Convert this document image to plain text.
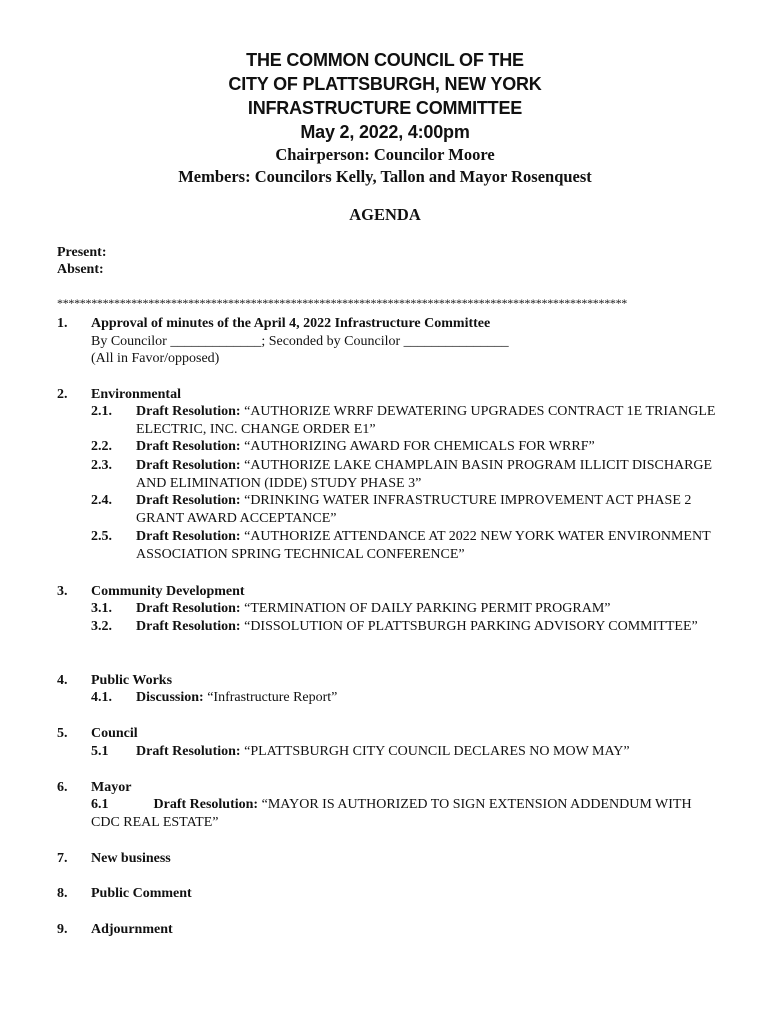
THE COMMON COUNCIL OF THE
CITY OF PLATTSBURGH, NEW YORK
INFRASTRUCTURE COMMITTEE
May 2, 2022, 4:00pm
Chairperson: Councilor Moore
Members: Councilors Kelly, Tallon and Mayor Rosenquest
AGENDA
Present:
Absent:
****************************************************************************************************
1. Approval of minutes of the April 4, 2022 Infrastructure Committee
By Councilor _____________; Seconded by Councilor _______________
(All in Favor/opposed)
2. Environmental
2.1. Draft Resolution: “AUTHORIZE WRRF DEWATERING UPGRADES CONTRACT 1E TRIANGLE ELECTRIC, INC. CHANGE ORDER E1”
2.2. Draft Resolution: “AUTHORIZING AWARD FOR CHEMICALS FOR WRRF”
2.3. Draft Resolution: “AUTHORIZE LAKE CHAMPLAIN BASIN PROGRAM ILLICIT DISCHARGE AND ELIMINATION (IDDE) STUDY PHASE 3”
2.4. Draft Resolution: “DRINKING WATER INFRASTRUCTURE IMPROVEMENT ACT PHASE 2 GRANT AWARD ACCEPTANCE”
2.5. Draft Resolution: “AUTHORIZE ATTENDANCE AT 2022 NEW YORK WATER ENVIRONMENT ASSOCIATION SPRING TECHNICAL CONFERENCE”
3. Community Development
3.1. Draft Resolution: “TERMINATION OF DAILY PARKING PERMIT PROGRAM”
3.2. Draft Resolution: “DISSOLUTION OF PLATTSBURGH PARKING ADVISORY COMMITTEE”
4. Public Works
4.1. Discussion: “Infrastructure Report”
5. Council
5.1 Draft Resolution: “PLATTSBURGH CITY COUNCIL DECLARES NO MOW MAY”
6. Mayor
6.1	Draft Resolution: “MAYOR IS AUTHORIZED TO SIGN EXTENSION ADDENDUM WITH CDC REAL ESTATE”
7. New business
8. Public Comment
9. Adjournment
